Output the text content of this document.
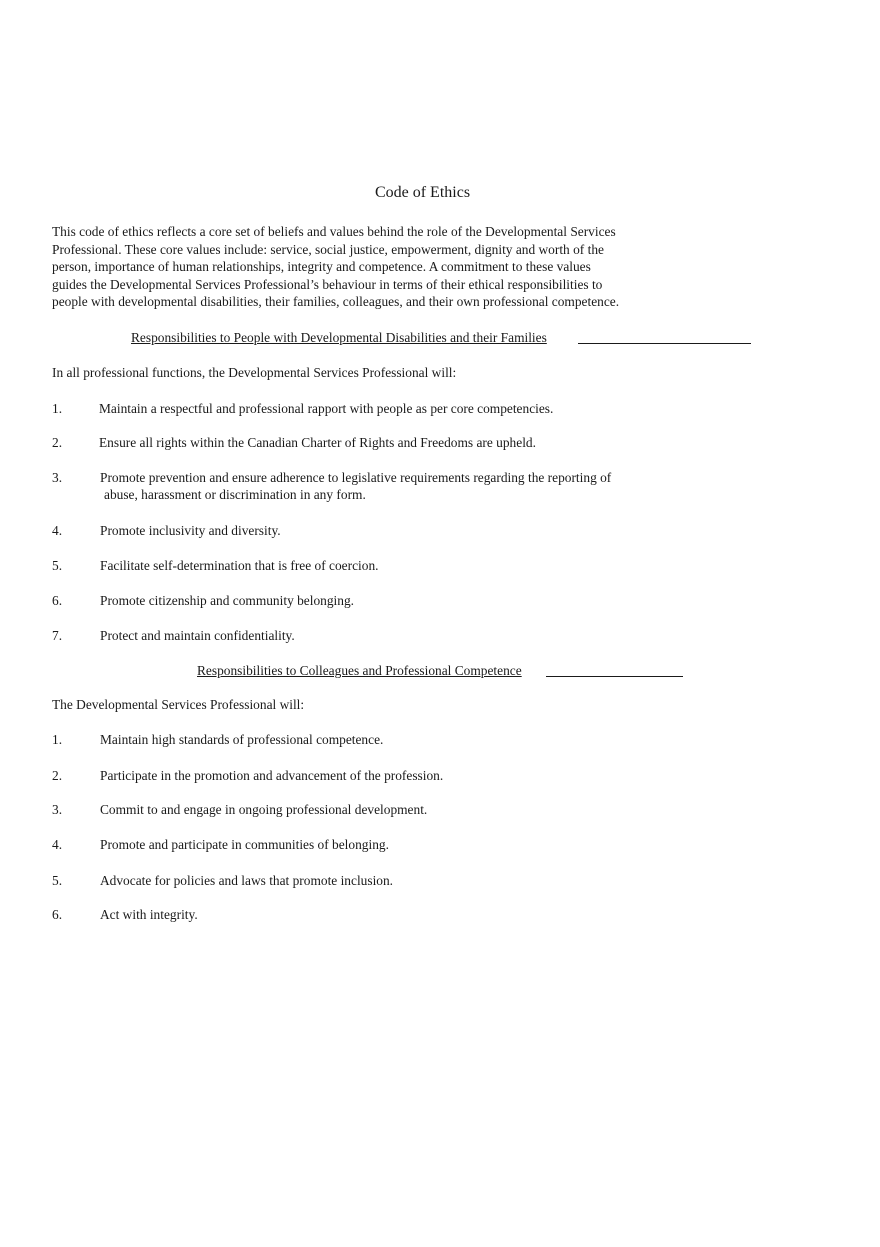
Code of Ethics

This code of ethics reflects a core set of beliefs and values behind the role of the Developmental Services
Professional. These core values include: service, social justice, empowerment, dignity and worth of the
person, importance of human relationships, integrity and competence. A commitment to these values
guides the Developmental Services Professional’s behaviour in terms of their ethical responsibilities to
people with developmental disabilities, their families, colleagues, and their own professional competence.

Responsibilities to People with Developmental Disabilities and their Families
In all professional functions, the Developmental Services Professional will:
1.	Maintain a respectful and professional rapport with people as per core competencies.
2.	Ensure all rights within the Canadian Charter of Rights and Freedoms are upheld.
3.	Promote prevention and ensure adherence to legislative requirements regarding the reporting of
abuse, harassment or discrimination in any form.
4.	Promote inclusivity and diversity.
5.	Facilitate self-determination that is free of coercion.
6.	Promote citizenship and community belonging.
7.	Protect and maintain confidentiality.
Responsibilities to Colleagues and Professional Competence
The Developmental Services Professional will:
1.	Maintain high standards of professional competence.
2.	Participate in the promotion and advancement of the profession.
3.	Commit to and engage in ongoing professional development.
4.	Promote and participate in communities of belonging.
5.	Advocate for policies and laws that promote inclusion.
6.	Act with integrity.
